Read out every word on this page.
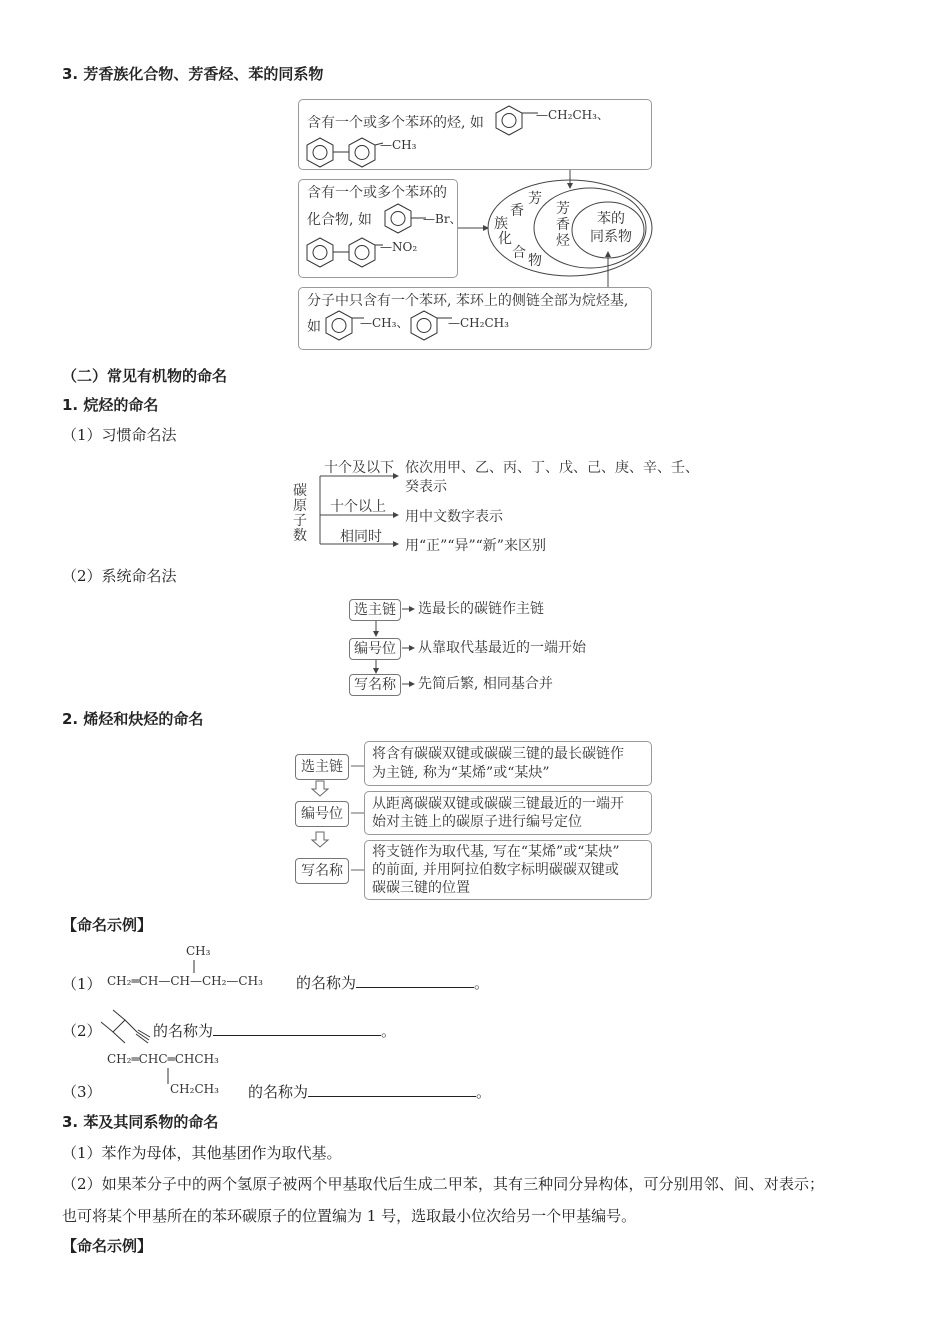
3. 芳香族化合物、芳香烃、苯的同系物
含有一个或多个苯环的烃, 如	—CH₂CH₃、
—CH₃
含有一个或多个苯环的
化合物, 如	—Br、
—NO₂
分子中只含有一个苯环, 苯环上的侧链全部为烷烃基,
如	—CH₃、	—CH₂CH₃
芳
香
族
化
合 物
芳
香
烃
苯的
同系物
（二）常见有机物的命名
1. 烷烃的命名
（1）习惯命名法
碳
原
子
数
十个及以下 依次用甲、乙、丙、丁、戊、己、庚、辛、壬、
癸表示
十个以上
用中文数字表示
相同时
用“正”“异”“新”来区别
（2）系统命名法
选主链	选最长的碳链作主链
编号位	从靠取代基最近的一端开始
写名称	先简后繁, 相同基合并
2. 烯烃和炔烃的命名
选主链
将含有碳碳双键或碳碳三键的最长碳链作
为主链, 称为“某烯”或“某炔”
编号位
从距离碳碳双键或碳碳三键最近的一端开
始对主链上的碳原子进行编号定位
写名称
将支链作为取代基, 写在“某烯”或“某炔”
的前面, 并用阿拉伯数字标明碳碳双键或
碳碳三键的位置
【命名示例】
（1）
CH₃
CH₂═CH—CH—CH₂—CH₃ 的名称为	。
（2）	的名称为	。
CH₂═CHC═CHCH₃
CH₂CH₃
（3）	的名称为	。
3. 苯及其同系物的命名
（1）苯作为母体，其他基团作为取代基。
（2）如果苯分子中的两个氢原子被两个甲基取代后生成二甲苯，其有三种同分异构体，可分别用邻、间、对表示；
也可将某个甲基所在的苯环碳原子的位置编为 1 号，选取最小位次给另一个甲基编号。
【命名示例】
